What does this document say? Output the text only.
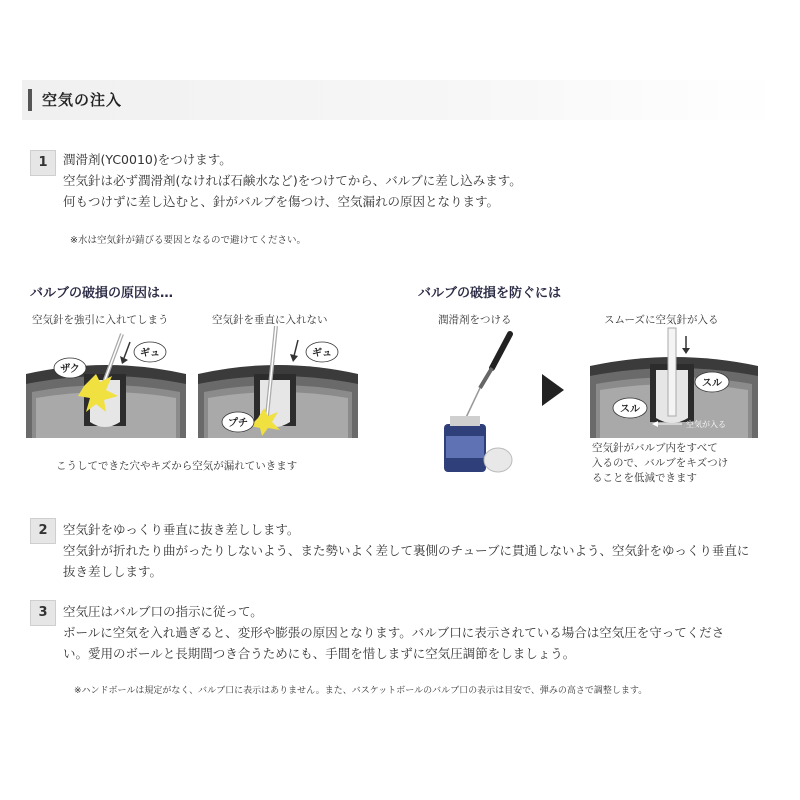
空気の注入
1	潤滑剤(YC0010)をつけます。
空気針は必ず潤滑剤(なければ石鹸水など)をつけてから、バルブに差し込みます。
何もつけずに差し込むと、針がバルブを傷つけ、空気漏れの原因となります。
※水は空気針が錆びる要因となるので避けてください。
バルブの破損の原因は…	バルブの破損を防ぐには
空気針を強引に入れてしまう	空気針を垂直に入れない	潤滑剤をつける	スムーズに空気針が入る
ザク
ギュ	ギュ
プチ
こうしてできた穴やキズから空気が漏れていきます
スル
スル
空気が入る
空気針がバルブ内をすべて
入るので、バルブをキズつけ
ることを低減できます
2	空気針をゆっくり垂直に抜き差しします。
空気針が折れたり曲がったりしないよう、また勢いよく差して裏側のチューブに貫通しないよう、空気針をゆっくり垂直に
抜き差しします。
3	空気圧はバルブ口の指示に従って。
ボールに空気を入れ過ぎると、変形や膨張の原因となります。バルブ口に表示されている場合は空気圧を守ってくださ
い。愛用のボールと長期間つき合うためにも、手間を惜しまずに空気圧調節をしましょう。
※ハンドボールは規定がなく、バルブ口に表示はありません。また、バスケットボールのバルブ口の表示は目安で、弾みの高さで調整します。
